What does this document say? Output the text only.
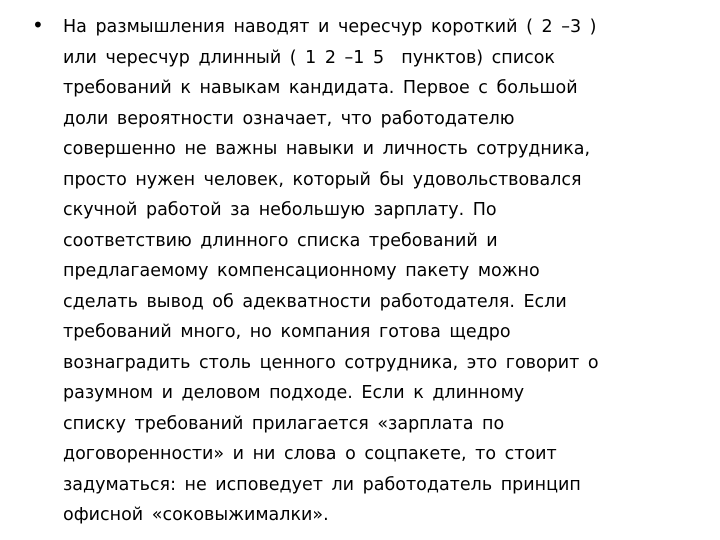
• На размышления наводят и чересчур короткий ( 2 –3 )
или чересчур длинный ( 1 2 –1 5  пунктов) список
требований к навыкам кандидата. Первое с большой
доли вероятности означает, что работодателю
совершенно не важны навыки и личность сотрудника,
просто нужен человек, который бы удовольствовался
скучной работой за небольшую зарплату. По
соответствию длинного списка требований и
предлагаемому компенсационному пакету можно
сделать вывод об адекватности работодателя. Если
требований много, но компания готова щедро
вознаградить столь ценного сотрудника, это говорит о
разумном и деловом подходе. Если к длинному
списку требований прилагается «зарплата по
договоренности» и ни слова о соцпакете, то стоит
задуматься: не исповедует ли работодатель принцип
офисной «соковыжималки».
